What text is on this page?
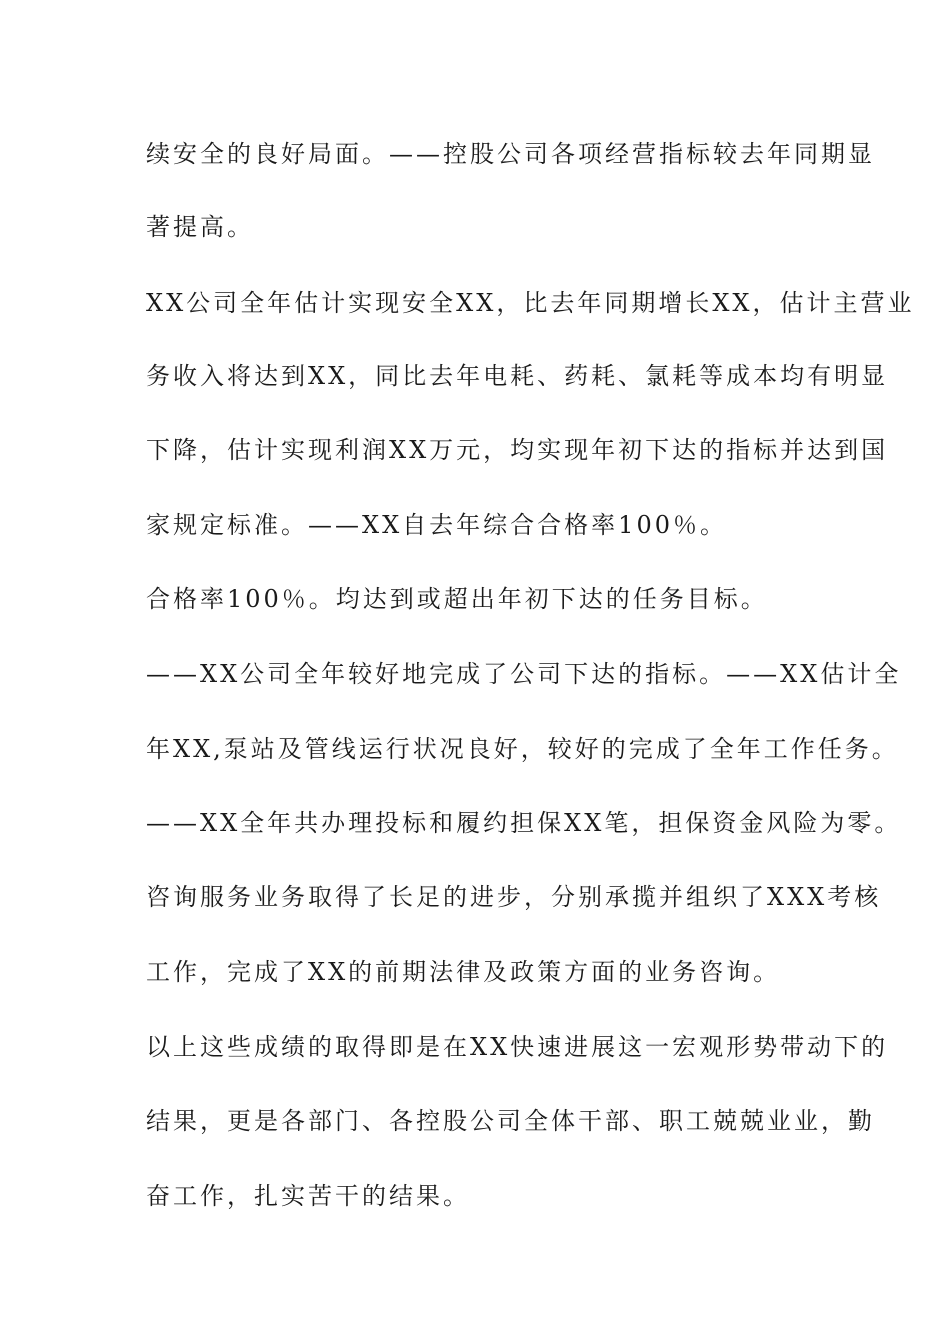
续安全的良好局面。——控股公司各项经营指标较去年同期显
著提高。
XX公司全年估计实现安全XX，比去年同期增长XX，估计主营业
务收入将达到XX，同比去年电耗、药耗、氯耗等成本均有明显
下降，估计实现利润XX万元，均实现年初下达的指标并达到国
家规定标准。——XX自去年综合合格率100％。
合格率100％。均达到或超出年初下达的任务目标。
——XX公司全年较好地完成了公司下达的指标。——XX估计全
年XX,泵站及管线运行状况良好，较好的完成了全年工作任务。
——XX全年共办理投标和履约担保XX笔，担保资金风险为零。
咨询服务业务取得了长足的进步，分别承揽并组织了XXX考核
工作，完成了XX的前期法律及政策方面的业务咨询。
以上这些成绩的取得即是在XX快速进展这一宏观形势带动下的
结果，更是各部门、各控股公司全体干部、职工兢兢业业，勤
奋工作，扎实苦干的结果。
